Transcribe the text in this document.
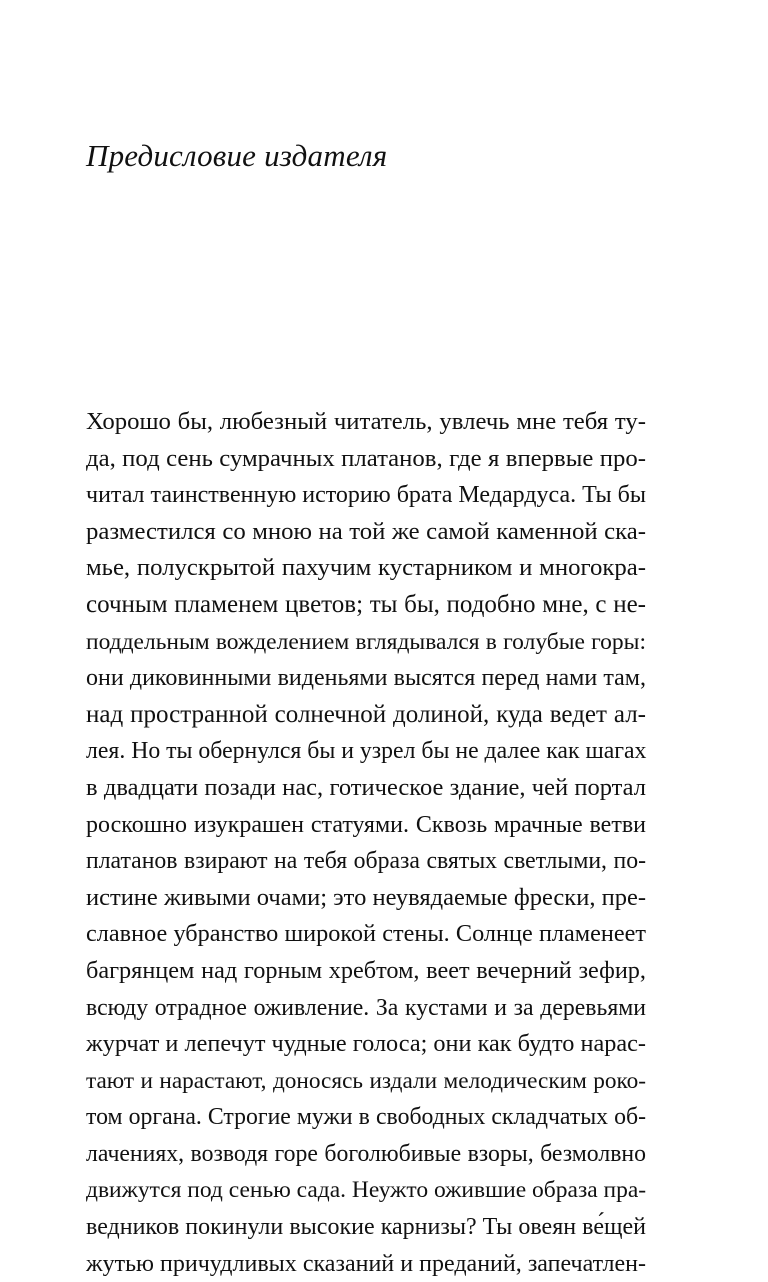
Предисловие издателя
Хорошо бы, любезный читатель, увлечь мне тебя ту-
да, под сень сумрачных платанов, где я впервые про-
читал таинственную историю брата Медардуса. Ты бы
разместился со мною на той же самой каменной ска-
мье, полускрытой пахучим кустарником и многокра-
сочным пламенем цветов; ты бы, подобно мне, с не-
поддельным вожделением вглядывался в голубые горы:
они диковинными виденьями высятся перед нами там,
над пространной солнечной долиной, куда ведет ал-
лея. Но ты обернулся бы и узрел бы не далее как шагах
в двадцати позади нас, готическое здание, чей портал
роскошно изукрашен статуями. Сквозь мрачные ветви
платанов взирают на тебя образа святых светлыми, по-
истине живыми очами; это неувядаемые фрески, пре-
славное убранство широкой стены. Солнце пламенеет
багрянцем над горным хребтом, веет вечерний зефир,
всюду отрадное оживление. За кустами и за деревьями
журчат и лепечут чудные голоса; они как будто нарас-
тают и нарастают, доносясь издали мелодическим роко-
том органа. Строгие мужи в свободных складчатых об-
лачениях, возводя горе боголюбивые взоры, безмолвно
движутся под сенью сада. Неужто ожившие образа пра-
ведников покинули высокие карнизы? Ты овеян ве́щей
жутью причудливых сказаний и преданий, запечатлен-
